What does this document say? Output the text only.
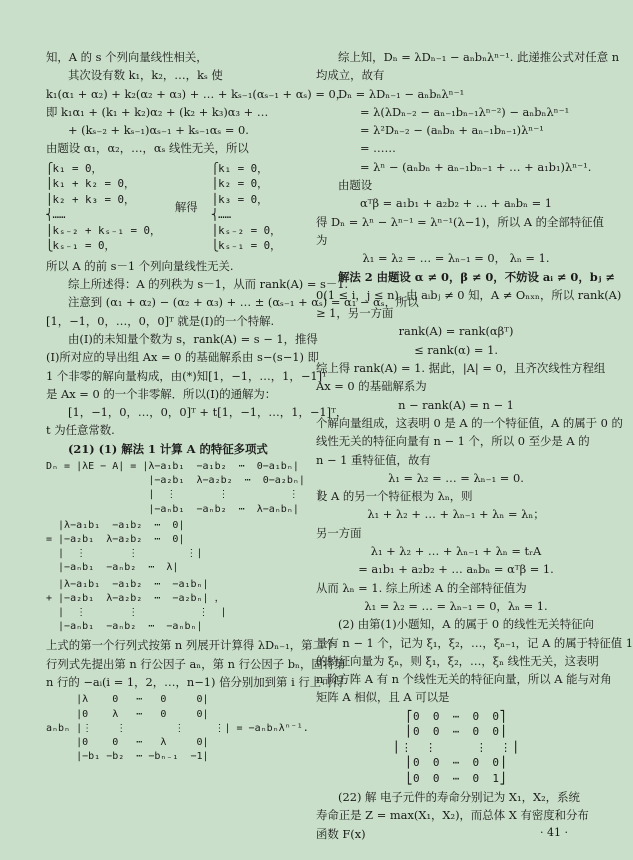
知，A 的 s 个列向量线性相关，
其次设有数 k₁，k₂，…，kₛ 使
k₁(α₁ + α₂) + k₂(α₂ + α₃) + … + kₛ₋₁(αₛ₋₁ + αₛ) = 0，
即 k₁α₁ + (k₁ + k₂)α₂ + (k₂ + k₃)α₃ + …
+ (kₛ₋₂ + kₛ₋₁)αₛ₋₁ + kₛ₋₁αₛ = 0.
由题设 α₁，α₂，…，αₛ 线性无关，所以
⎧k₁ = 0，
⎪k₁ + k₂ = 0，
⎪k₂ + k₃ = 0，
⎨……
⎪kₛ₋₂ + kₛ₋₁ = 0，
⎩kₛ₋₁ = 0，
解得
⎧k₁ = 0，
⎪k₂ = 0，
⎪k₃ = 0，
⎨……
⎪kₛ₋₂ = 0，
⎩kₛ₋₁ = 0，
所以 A 的前 s－1 个列向量线性无关.
综上所述得：A 的列秩为 s－1，从而 rank(A) = s－1.
注意到 (α₁ + α₂) − (α₂ + α₃) + … ± (αₛ₋₁ + αₛ) = α₁ − αₛ，所以
[1，−1，0，…，0，0]ᵀ 就是(Ⅰ)的一个特解.
由(Ⅰ)的未知量个数为 s，rank(A) = s − 1，推得
(Ⅰ)所对应的导出组 Ax = 0 的基础解系由 s−(s−1) 即
1 个非零的解向量构成，由(*)知[1，−1，…，1，−1]ᵀ
是 Ax = 0 的一个非零解．所以(Ⅰ)的通解为：
[1，−1，0，…，0，0]ᵀ + t[1，−1，…，1，−1]ᵀ，
t 为任意常数.
(21) (1) 解法 1 计算 A 的特征多项式
Dₙ = |λE − A| = |λ−a₁b₁  −a₁b₂  ⋯  0−a₁bₙ|
|−a₂b₁  λ−a₂b₂  ⋯  0−a₂bₙ|
|  ⋮       ⋮          ⋮   |
|−aₙb₁  −aₙb₂  ⋯  λ−aₙbₙ|
|λ−a₁b₁  −a₁b₂  ⋯  0|
= |−a₂b₁  λ−a₂b₂  ⋯  0|
|  ⋮       ⋮        ⋮|
|−aₙb₁  −aₙb₂  ⋯  λ|
|λ−a₁b₁  −a₁b₂  ⋯  −a₁bₙ|
+ |−a₂b₁  λ−a₂b₂  ⋯  −a₂bₙ| ，
|  ⋮       ⋮          ⋮  |
|−aₙb₁  −aₙb₂  ⋯  −aₙbₙ|
上式的第一个行列式按第 n 列展开计算得 λDₙ₋₁，第二个
行列式先提出第 n 行公因子 aₙ，第 n 行公因子 bₙ，固将第
n 行的 −aᵢ(i = 1，2，…，n−1) 倍分别加到第 i 行上可得
|λ    0   ⋯   0     0|
|0    λ   ⋯   0     0|
aₙbₙ |⋮    ⋮        ⋮     ⋮| = −aₙbₙλⁿ⁻¹.
|0    0   ⋯   λ     0|
|−b₁ −b₂  ⋯ −bₙ₋₁  −1|
综上知，Dₙ = λDₙ₋₁ − aₙbₙλⁿ⁻¹. 此递推公式对任意 n
均成立，故有
Dₙ = λDₙ₋₁ − aₙbₙλⁿ⁻¹
= λ(λDₙ₋₂ − aₙ₋₁bₙ₋₁λⁿ⁻²) − aₙbₙλⁿ⁻¹
= λ²Dₙ₋₂ − (aₙbₙ + aₙ₋₁bₙ₋₁)λⁿ⁻¹
= ……
= λⁿ − (aₙbₙ + aₙ₋₁bₙ₋₁ + … + a₁b₁)λⁿ⁻¹.
由题设
αᵀβ = a₁b₁ + a₂b₂ + … + aₙbₙ = 1
得 Dₙ = λⁿ − λⁿ⁻¹ = λⁿ⁻¹(λ−1)，所以 A 的全部特征值
为
λ₁ = λ₂ = … = λₙ₋₁ = 0， λₙ = 1.
解法 2 由题设 α ≠ 0，β ≠ 0，不妨设 aᵢ ≠ 0，bⱼ ≠
0(1 ≤ i，j ≤ n). 由 aᵢbⱼ ≠ 0 知，A ≠ Oₙₓₙ，所以 rank(A)
≥ 1，另一方面
rank(A) = rank(αβᵀ)
≤ rank(α) = 1.
综上得 rank(A) = 1. 据此，|A| = 0，且齐次线性方程组
Ax = 0 的基础解系为
n − rank(A) = n − 1
个解向量组成，这表明 0 是 A 的一个特征值，A 的属于 0 的
线性无关的特征向量有 n − 1 个，所以 0 至少是 A 的
n − 1 重特征值，故有
λ₁ = λ₂ = … = λₙ₋₁ = 0.
设 A 的另一个特征根为 λₙ，则
λ₁ + λ₂ + … + λₙ₋₁ + λₙ = λₙ；
另一方面
λ₁ + λ₂ + … + λₙ₋₁ + λₙ = tᵣA
= a₁b₁ + a₂b₂ + … aₙbₙ = αᵀβ = 1.
从而 λₙ = 1. 综上所述 A 的全部特征值为
λ₁ = λ₂ = … = λₙ₋₁ = 0，λₙ = 1.
(2) 由第(1)小题知，A 的属于 0 的线性无关特征向
量有 n − 1 个，记为 ξ₁，ξ₂，…，ξₙ₋₁，记 A 的属于特征值 1
的特征向量为 ξₙ，则 ξ₁，ξ₂，…，ξₙ 线性无关，这表明
n 阶方阵 A 有 n 个线性无关的特征向量，所以 A 能与对角
矩阵 A 相似，且 A 可以是
⎡0  0  ⋯  0  0⎤
⎢0  0  ⋯  0  0⎥
⎢⋮  ⋮      ⋮  ⋮⎥
⎢0  0  ⋯  0  0⎥
⎣0  0  ⋯  0  1⎦
(22) 解 电子元件的寿命分别记为 X₁，X₂，系统
寿命正是 Z = max(X₁，X₂)，而总体 X 有密度和分布
函数 F(x)	· 41 ·
